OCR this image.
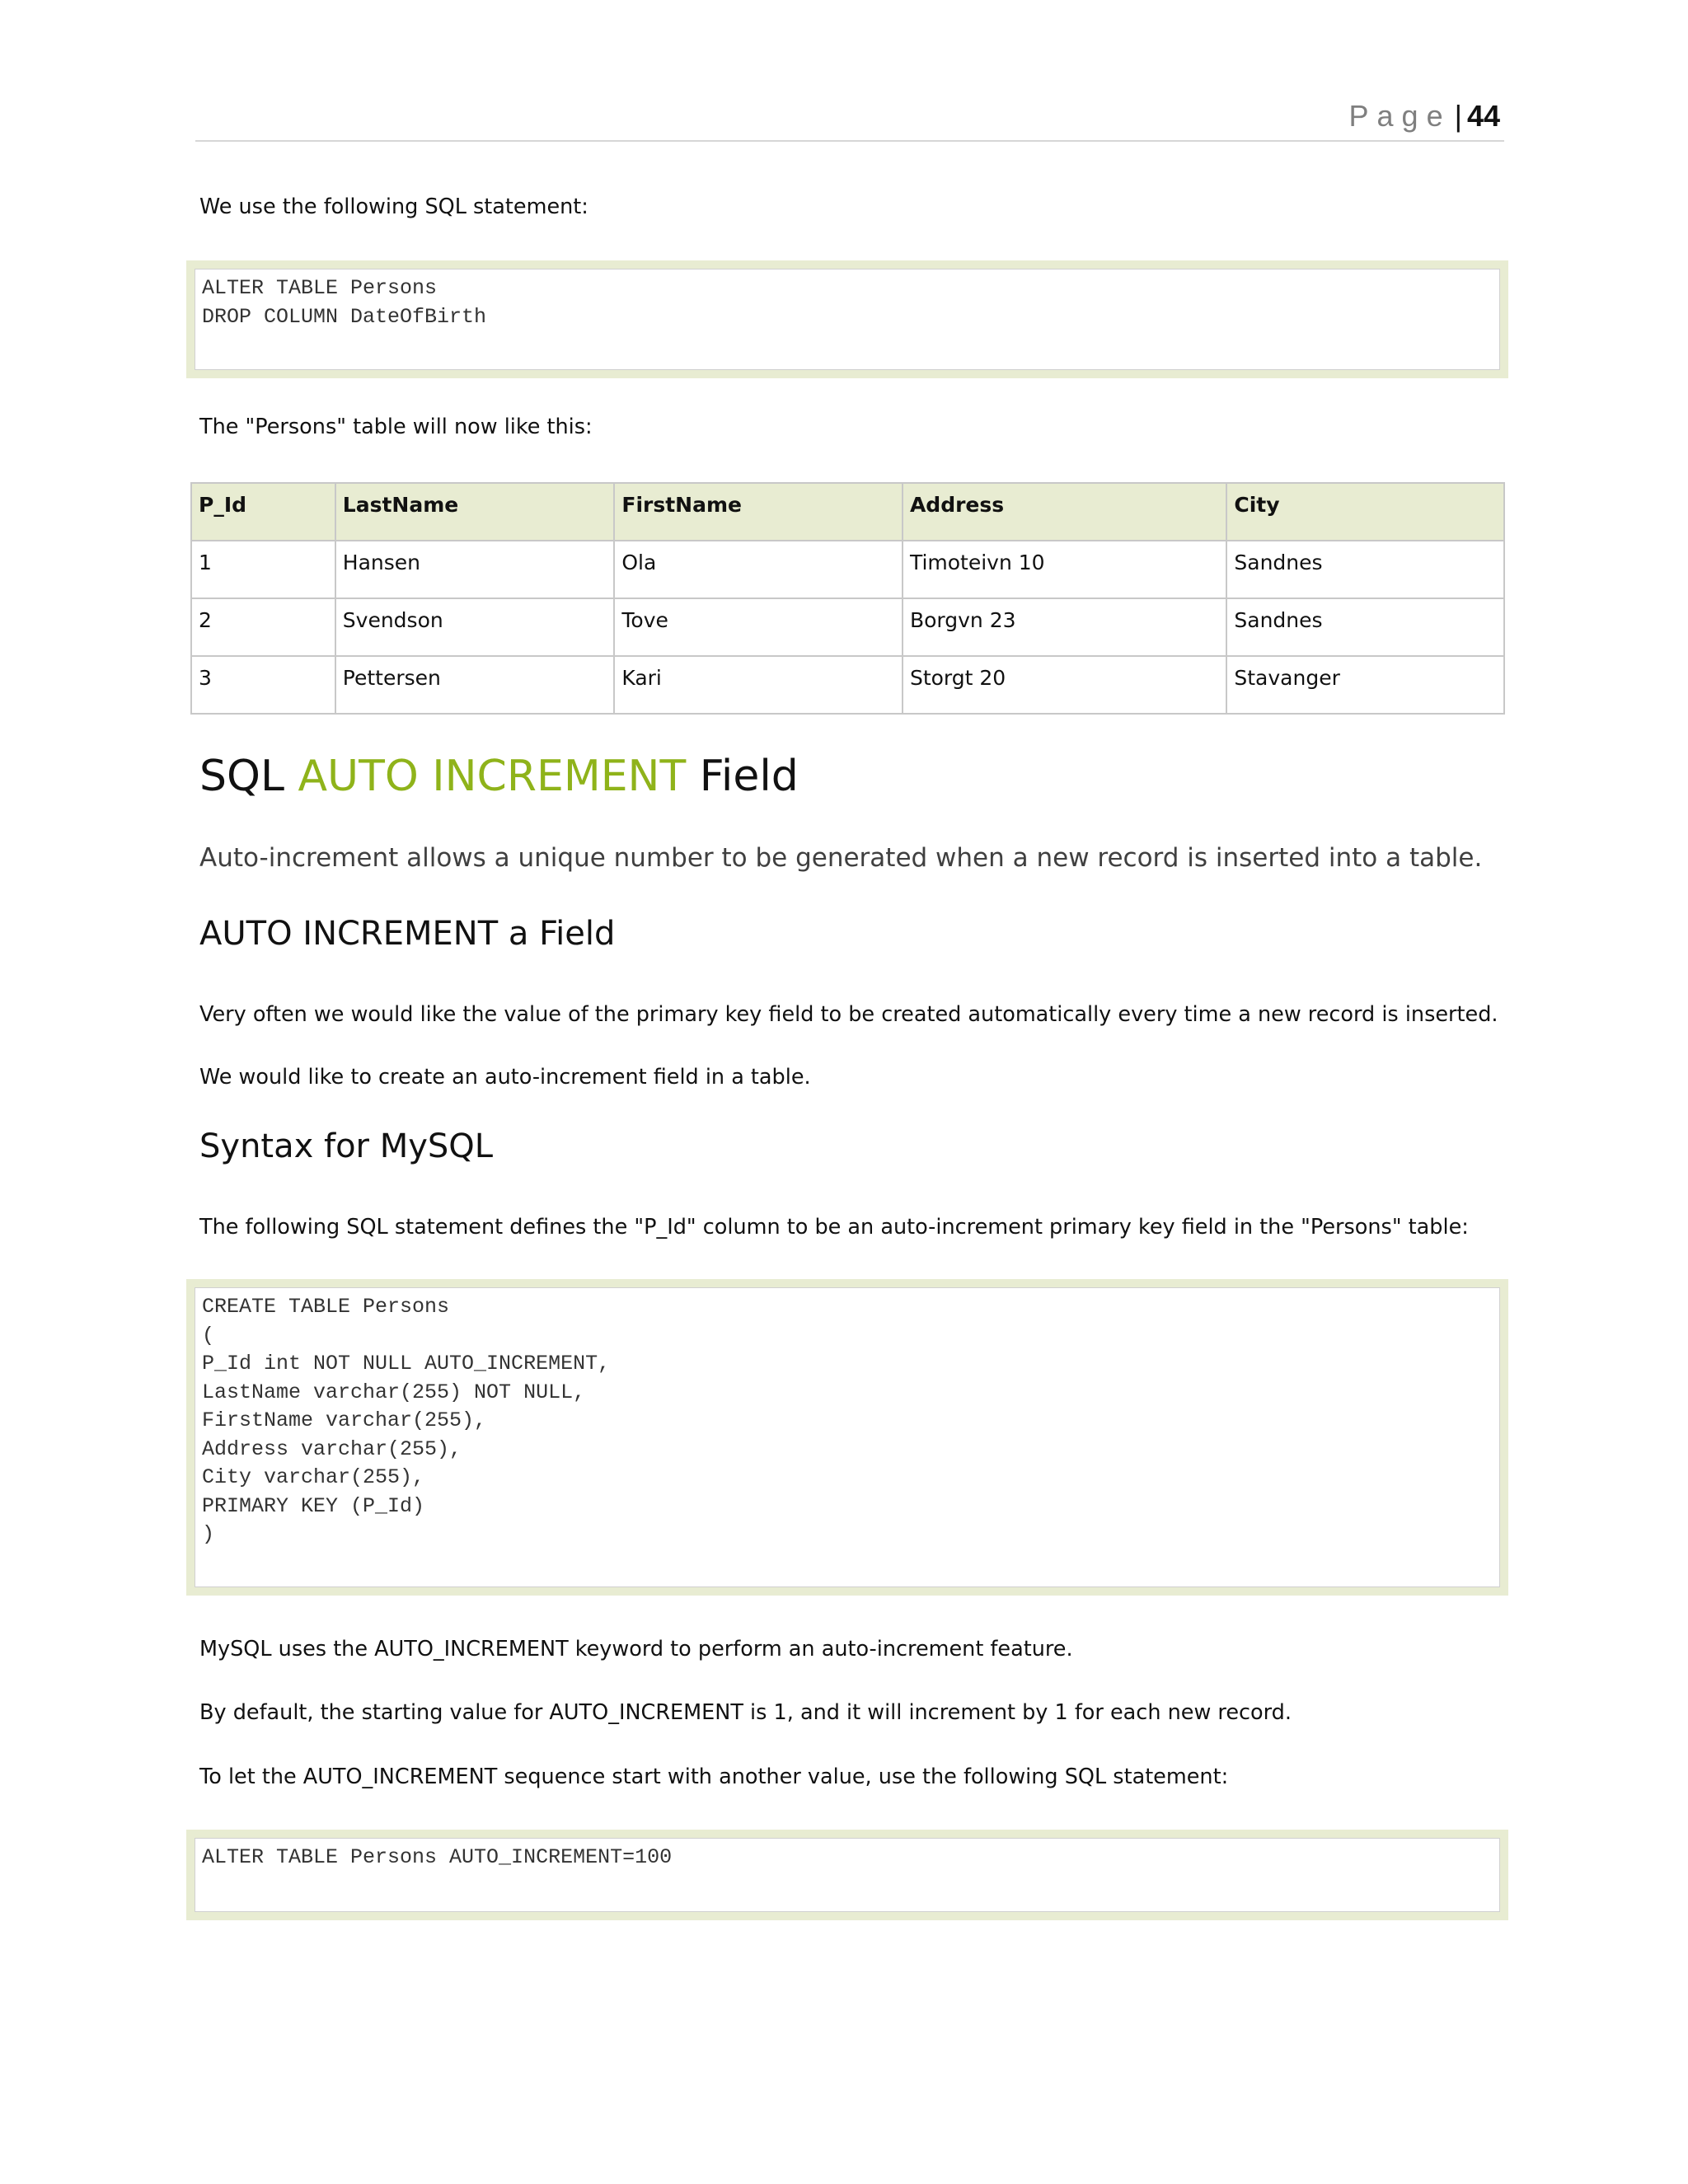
Page | 44
We use the following SQL statement:
ALTER TABLE Persons
DROP COLUMN DateOfBirth
The "Persons" table will now like this:
P_Id	LastName	FirstName	Address	City
1	Hansen	Ola	Timoteivn 10	Sandnes
2	Svendson	Tove	Borgvn 23	Sandnes
3	Pettersen	Kari	Storgt 20	Stavanger
SQL AUTO INCREMENT Field
Auto-increment allows a unique number to be generated when a new record is inserted into a table.
AUTO INCREMENT a Field
Very often we would like the value of the primary key field to be created automatically every time a new record is inserted.
We would like to create an auto-increment field in a table.
Syntax for MySQL
The following SQL statement defines the "P_Id" column to be an auto-increment primary key field in the "Persons" table:
CREATE TABLE Persons
(
P_Id int NOT NULL AUTO_INCREMENT,
LastName varchar(255) NOT NULL,
FirstName varchar(255),
Address varchar(255),
City varchar(255),
PRIMARY KEY (P_Id)
)
MySQL uses the AUTO_INCREMENT keyword to perform an auto-increment feature.
By default, the starting value for AUTO_INCREMENT is 1, and it will increment by 1 for each new record.
To let the AUTO_INCREMENT sequence start with another value, use the following SQL statement:
ALTER TABLE Persons AUTO_INCREMENT=100
